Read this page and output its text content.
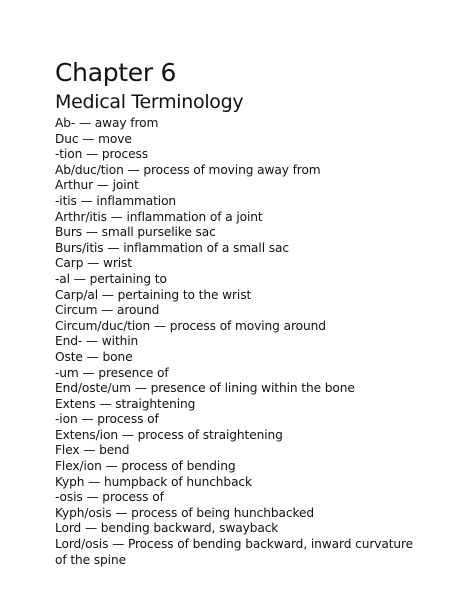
Chapter 6
Medical Terminology
Ab- — away from
Duc — move
-tion — process
Ab/duc/tion — process of moving away from
Arthur — joint
-itis — inflammation
Arthr/itis — inflammation of a joint
Burs — small purselike sac
Burs/itis — inflammation of a small sac
Carp — wrist
-al — pertaining to
Carp/al — pertaining to the wrist
Circum — around
Circum/duc/tion — process of moving around
End- — within
Oste — bone
-um — presence of
End/oste/um — presence of lining within the bone
Extens — straightening
-ion — process of
Extens/ion — process of straightening
Flex — bend
Flex/ion — process of bending
Kyph — humpback of hunchback
-osis — process of
Kyph/osis — process of being hunchbacked
Lord — bending backward, swayback
Lord/osis — Process of bending backward, inward curvature of the spine
